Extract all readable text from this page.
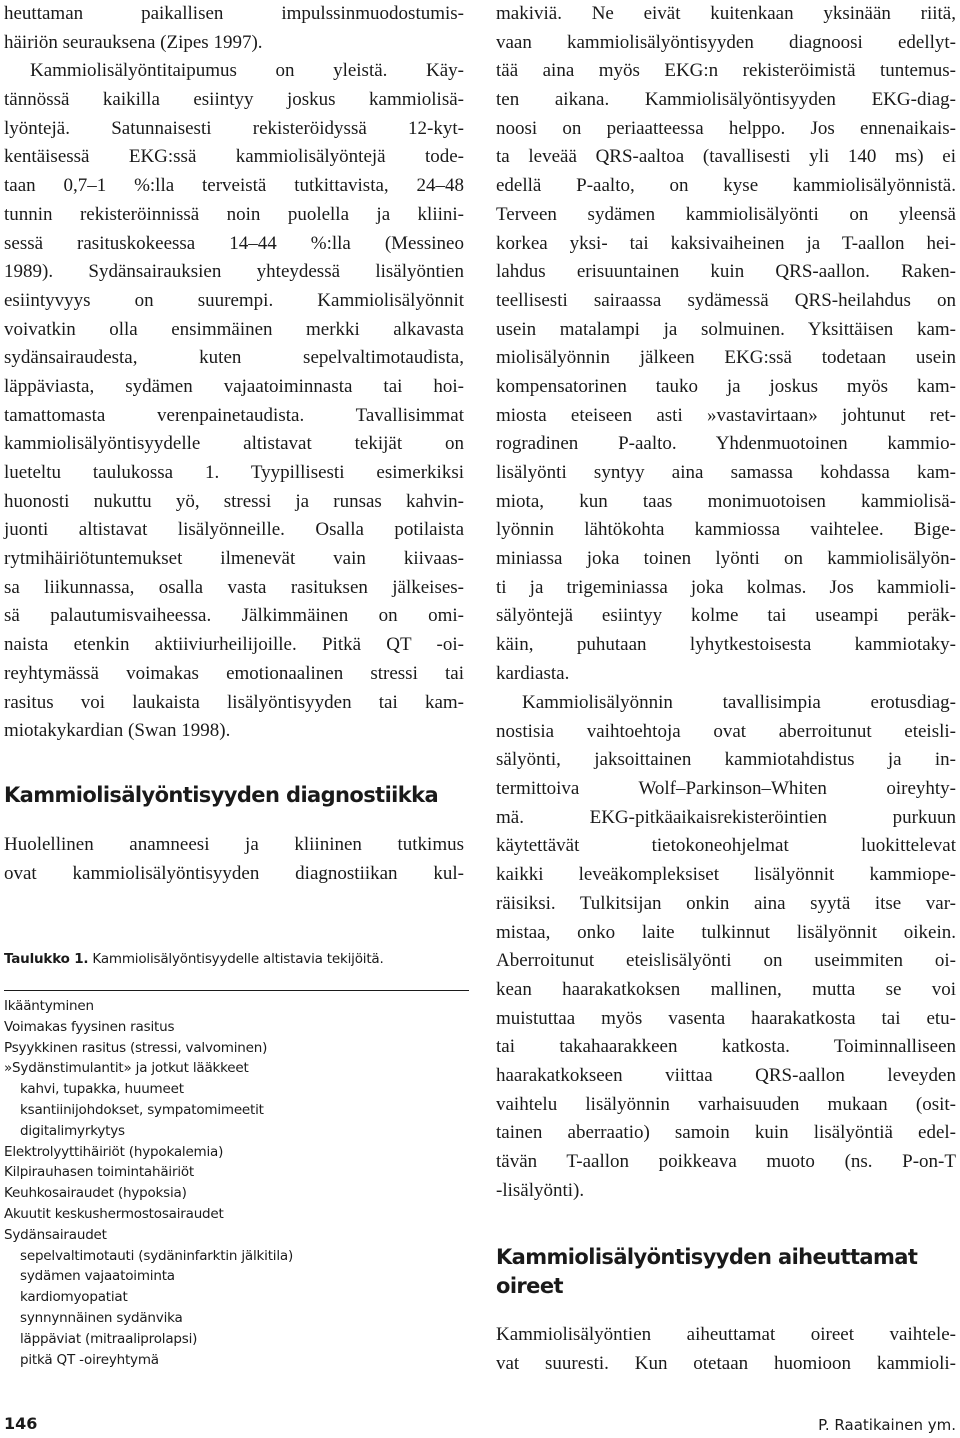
heuttaman paikallisen impulssinmuodostumis-
häiriön seurauksena (Zipes 1997).
Kammiolisälyöntitaipumus on yleistä. Käy-
tännössä kaikilla esiintyy joskus kammiolisä-
lyöntejä. Satunnaisesti rekisteröidyssä 12-kyt-
kentäisessä EKG:ssä kammiolisälyöntejä tode-
taan 0,7–1 %:lla terveistä tutkittavista, 24–48
tunnin rekisteröinnissä noin puolella ja kliini-
sessä rasituskokeessa 14–44 %:lla (Messineo
1989). Sydänsairauksien yhteydessä lisälyöntien
esiintyvyys on suurempi. Kammiolisälyönnit
voivatkin olla ensimmäinen merkki alkavasta
sydänsairaudesta, kuten sepelvaltimotaudista,
läppäviasta, sydämen vajaatoiminnasta tai hoi-
tamattomasta verenpainetaudista. Tavallisimmat
kammiolisälyöntisyydelle altistavat tekijät on
lueteltu taulukossa 1. Tyypillisesti esimerkiksi
huonosti nukuttu yö, stressi ja runsas kahvin-
juonti altistavat lisälyönneille. Osalla potilaista
rytmihäiriötuntemukset ilmenevät vain kiivaas-
sa liikunnassa, osalla vasta rasituksen jälkeises-
sä palautumisvaiheessa. Jälkimmäinen on omi-
naista etenkin aktiiviurheilijoille. Pitkä QT -oi-
reyhtymässä voimakas emotionaalinen stressi tai
rasitus voi laukaista lisälyöntisyyden tai kam-
miotakykardian (Swan 1998).
Kammiolisälyöntisyyden diagnostiikka
Huolellinen anamneesi ja kliininen tutkimus
ovat kammiolisälyöntisyyden diagnostiikan kul-
Taulukko 1. Kammiolisälyöntisyydelle altistavia tekijöitä.
Ikääntyminen
Voimakas fyysinen rasitus
Psyykkinen rasitus (stressi, valvominen)
»Sydänstimulantit» ja jotkut lääkkeet
kahvi, tupakka, huumeet
ksantiinijohdokset, sympatomimeetit
digitalimyrkytys
Elektrolyyttihäiriöt (hypokalemia)
Kilpirauhasen toimintahäiriöt
Keuhkosairaudet (hypoksia)
Akuutit keskushermostosairaudet
Sydänsairaudet
sepelvaltimotauti (sydäninfarktin jälkitila)
sydämen vajaatoiminta
kardiomyopatiat
synnynnäinen sydänvika
läppäviat (mitraaliprolapsi)
pitkä QT -oireyhtymä
makiviä. Ne eivät kuitenkaan yksinään riitä,
vaan kammiolisälyöntisyyden diagnoosi edellyt-
tää aina myös EKG:n rekisteröimistä tuntemus-
ten aikana. Kammiolisälyöntisyyden EKG-diag-
noosi on periaatteessa helppo. Jos ennenaikais-
ta leveää QRS-aaltoa (tavallisesti yli 140 ms) ei
edellä P-aalto, on kyse kammiolisälyönnistä.
Terveen sydämen kammiolisälyönti on yleensä
korkea yksi- tai kaksivaiheinen ja T-aallon hei-
lahdus erisuuntainen kuin QRS-aallon. Raken-
teellisesti sairaassa sydämessä QRS-heilahdus on
usein matalampi ja solmuinen. Yksittäisen kam-
miolisälyönnin jälkeen EKG:ssä todetaan usein
kompensatorinen tauko ja joskus myös kam-
miosta eteiseen asti »vastavirtaan» johtunut ret-
rogradinen P-aalto. Yhdenmuotoinen kammio-
lisälyönti syntyy aina samassa kohdassa kam-
miota, kun taas monimuotoisen kammiolisä-
lyönnin lähtökohta kammiossa vaihtelee. Bige-
miniassa joka toinen lyönti on kammiolisälyön-
ti ja trigeminiassa joka kolmas. Jos kammioli-
sälyöntejä esiintyy kolme tai useampi peräk-
käin, puhutaan lyhytkestoisesta kammiotaky-
kardiasta.
Kammiolisälyönnin tavallisimpia erotusdiag-
nostisia vaihtoehtoja ovat aberroitunut eteisli-
sälyönti, jaksoittainen kammiotahdistus ja in-
termittoiva Wolf–Parkinson–Whiten oireyhty-
mä. EKG-pitkäaikaisrekisteröintien purkuun
käytettävät tietokoneohjelmat luokittelevat
kaikki leveäkompleksiset lisälyönnit kammiope-
räisiksi. Tulkitsijan onkin aina syytä itse var-
mistaa, onko laite tulkinnut lisälyönnit oikein.
Aberroitunut eteislisälyönti on useimmiten oi-
kean haarakatkoksen mallinen, mutta se voi
muistuttaa myös vasenta haarakatkosta tai etu-
tai takahaarakkeen katkosta. Toiminnalliseen
haarakatkokseen viittaa QRS-aallon leveyden
vaihtelu lisälyönnin varhaisuuden mukaan (osit-
tainen aberraatio) samoin kuin lisälyöntiä edel-
tävän T-aallon poikkeava muoto (ns. P-on-T
-lisälyönti).
Kammiolisälyöntisyyden aiheuttamat
oireet
Kammiolisälyöntien aiheuttamat oireet vaihtele-
vat suuresti. Kun otetaan huomioon kammioli-
146	P. Raatikainen ym.
